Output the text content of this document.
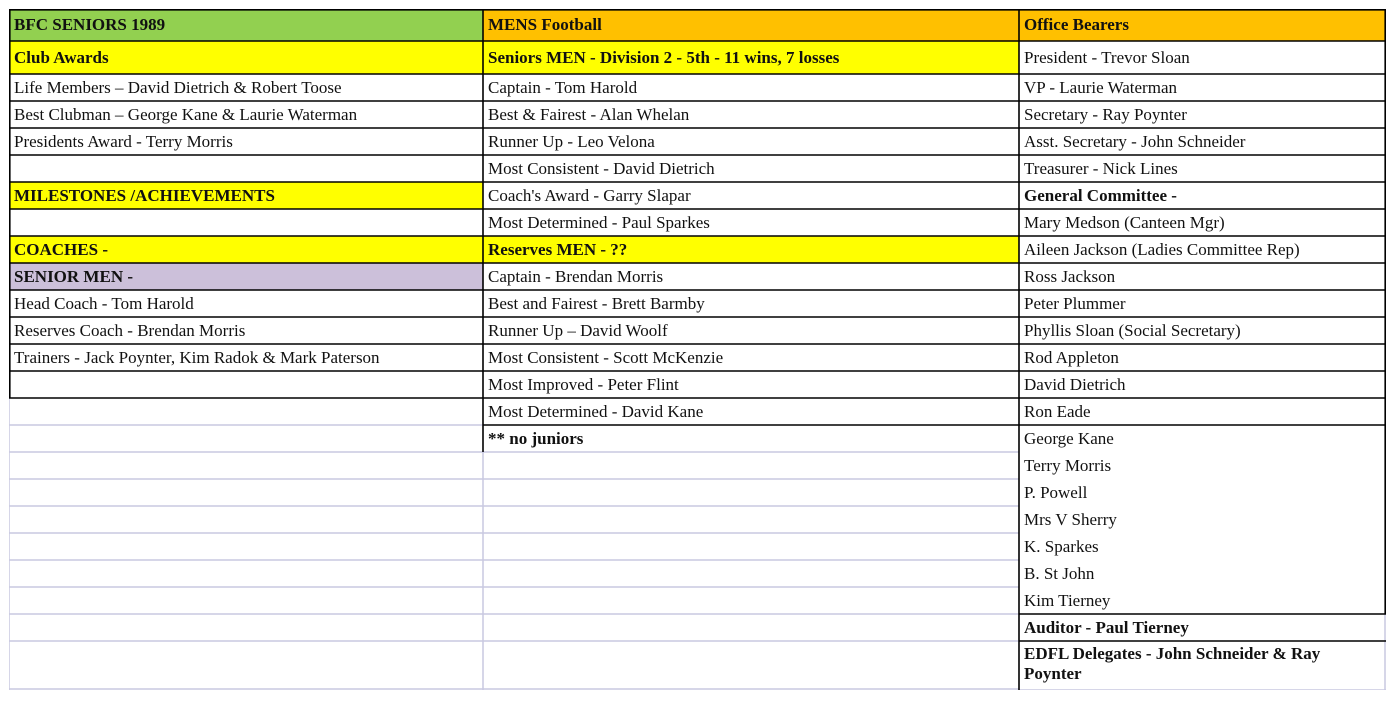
BFC SENIORS 1989
Club Awards
Life Members – David Dietrich & Robert Toose
Best Clubman – George Kane & Laurie Waterman
Presidents Award - Terry Morris
MILESTONES /ACHIEVEMENTS
COACHES -
SENIOR MEN -
Head Coach - Tom Harold
Reserves Coach - Brendan Morris
Trainers - Jack Poynter, Kim Radok & Mark Paterson
MENS Football
Seniors MEN - Division 2 - 5th - 11 wins, 7 losses
Captain - Tom Harold
Best & Fairest - Alan Whelan
Runner Up - Leo Velona
Most Consistent - David Dietrich
Coach's Award - Garry Slapar
Most Determined - Paul Sparkes
Reserves MEN - ??
Captain - Brendan Morris
Best and Fairest - Brett Barmby
Runner Up – David Woolf
Most Consistent - Scott McKenzie
Most Improved - Peter Flint
Most Determined - David Kane
** no juniors
Office Bearers
President - Trevor Sloan
VP - Laurie Waterman
Secretary - Ray Poynter
Asst. Secretary - John Schneider
Treasurer - Nick Lines
General Committee -
Mary Medson (Canteen Mgr)
Aileen Jackson (Ladies Committee Rep)
Ross Jackson
Peter Plummer
Phyllis Sloan (Social Secretary)
Rod Appleton
David Dietrich
Ron Eade
George Kane
Terry Morris
P. Powell
Mrs V Sherry
K. Sparkes
B. St John
Kim Tierney
Auditor - Paul Tierney
EDFL Delegates - John Schneider & Ray Poynter
